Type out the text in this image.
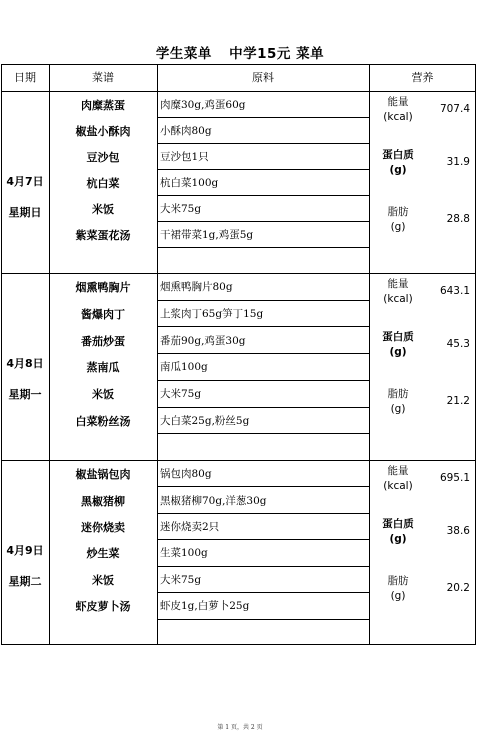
学生菜单 中学15元 菜单
日期	菜谱	原料	营养
4月7日
星期日
肉糜蒸蛋	肉糜30g,鸡蛋60g
椒盐小酥肉	小酥肉80g
豆沙包	豆沙包1只
杭白菜	杭白菜100g
米饭	大米75g
紫菜蛋花汤	干裙带菜1g,鸡蛋5g
能量
(kcal)
707.4
蛋白质
(g)
31.9
脂肪
(g)
28.8
4月8日
星期一
烟熏鸭胸片	烟熏鸭胸片80g
酱爆肉丁	上浆肉丁65g笋丁15g
番茄炒蛋	番茄90g,鸡蛋30g
蒸南瓜	南瓜100g
米饭	大米75g
白菜粉丝汤	大白菜25g,粉丝5g
能量
(kcal)
643.1
蛋白质
(g)
45.3
脂肪
(g)
21.2
4月9日
星期二
椒盐锅包肉	锅包肉80g
黑椒猪柳	黑椒猪柳70g,洋葱30g
迷你烧卖	迷你烧卖2只
炒生菜	生菜100g
米饭	大米75g
虾皮萝卜汤	虾皮1g,白萝卜25g
能量
(kcal)
695.1
蛋白质
(g)
38.6
脂肪
(g)
20.2
第 1 页，共 2 页
